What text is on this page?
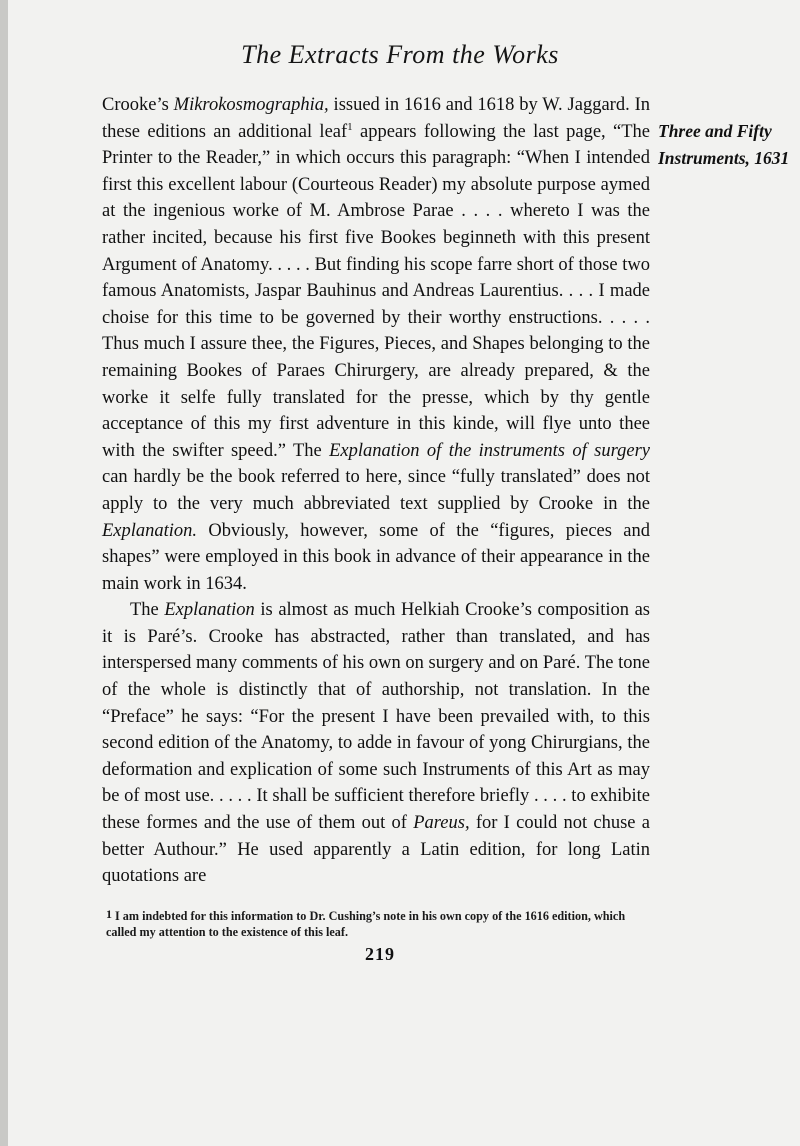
The Extracts From the Works

Crooke’s Mikrokosmographia, issued in 1616 and 1618 by W. Jaggard. In these editions an additional leaf$^1$ appears following the last page, “The Printer to the Reader,” in which occurs this paragraph: “When I intended first this excellent labour (Courteous Reader) my absolute purpose aymed at the ingenious worke of M. Ambrose Parae . . . . whereto I was the rather incited, because his first five Bookes beginneth with this present Argument of Anatomy. . . . . But finding his scope farre short of those two famous Anatomists, Jaspar Bauhinus and Andreas Laurentius. . . . I made choise for this time to be governed by their worthy enstructions. . . . . Thus much I assure thee, the Figures, Pieces, and Shapes belonging to the remaining Bookes of Paraes Chirurgery, are already prepared, & the worke it selfe fully translated for the presse, which by thy gentle acceptance of this my first adventure in this kinde, will flye unto thee with the swifter speed.” The Explanation of the instruments of surgery can hardly be the book referred to here, since “fully translated” does not apply to the very much abbreviated text supplied by Crooke in the Explanation. Obviously, however, some of the “figures, pieces and shapes” were employed in this book in advance of their appearance in the main work in 1634.

The Explanation is almost as much Helkiah Crooke’s composition as it is Paré’s. Crooke has abstracted, rather than translated, and has interspersed many comments of his own on surgery and on Paré. The tone of the whole is distinctly that of authorship, not translation. In the “Preface” he says: “For the present I have been prevailed with, to this second edition of the Anatomy, to adde in favour of yong Chirurgians, the deformation and explication of some such Instruments of this Art as may be of most use. . . . . It shall be sufficient therefore briefly . . . . to exhibite these formes and the use of them out of Pareus, for I could not chuse a better Authour.” He used apparently a Latin edition, for long Latin quotations are

Three and Fifty
Instruments, 1631
1 I am indebted for this information to Dr. Cushing’s note in his own copy of the 1616 edition, which called my attention to the existence of this leaf.
219
